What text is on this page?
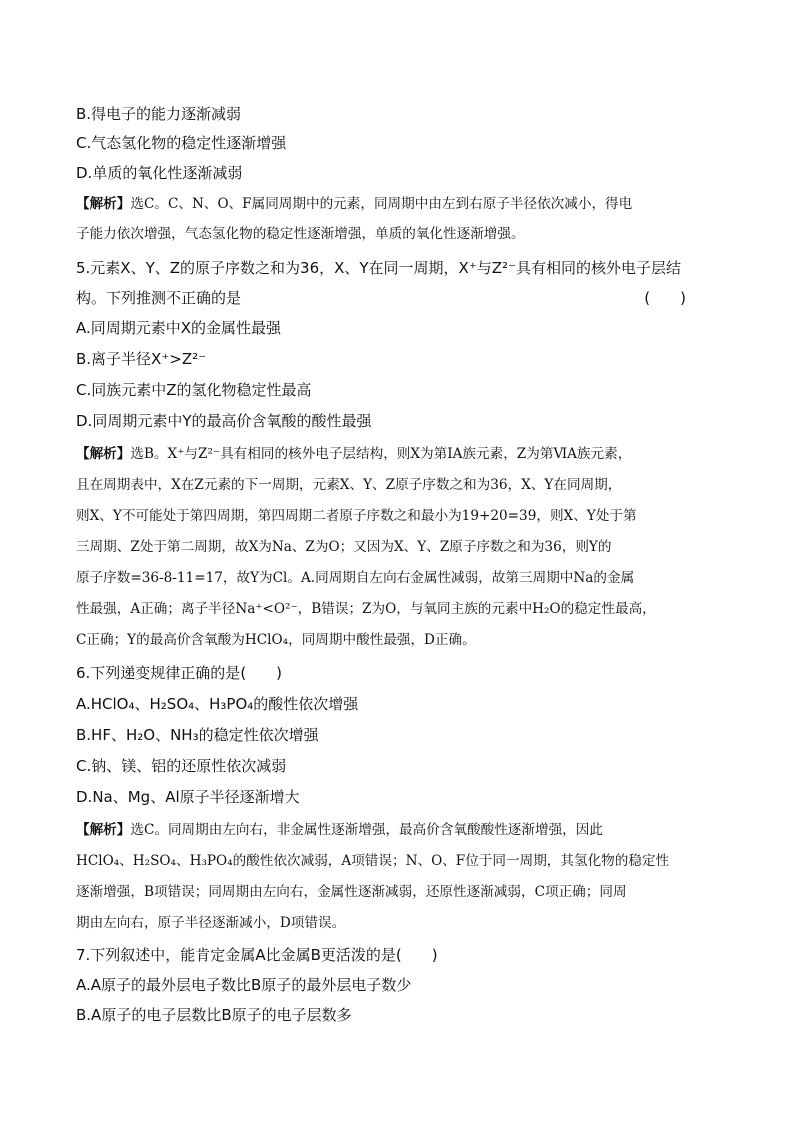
B.得电子的能力逐渐减弱
C.气态氢化物的稳定性逐渐增强
D.单质的氧化性逐渐减弱
【解析】选C。C、N、O、F属同周期中的元素，同周期中由左到右原子半径依次减小，得电
子能力依次增强，气态氢化物的稳定性逐渐增强，单质的氧化性逐渐增强。
5.元素X、Y、Z的原子序数之和为36，X、Y在同一周期，X⁺与Z²⁻具有相同的核外电子层结
构。下列推测不正确的是	(　　)
A.同周期元素中X的金属性最强
B.离子半径X⁺>Z²⁻
C.同族元素中Z的氢化物稳定性最高
D.同周期元素中Y的最高价含氧酸的酸性最强
【解析】选B。X⁺与Z²⁻具有相同的核外电子层结构，则X为第ⅠA族元素，Z为第ⅥA族元素，
且在周期表中，X在Z元素的下一周期，元素X、Y、Z原子序数之和为36，X、Y在同周期，
则X、Y不可能处于第四周期，第四周期二者原子序数之和最小为19+20=39，则X、Y处于第
三周期、Z处于第二周期，故X为Na、Z为O；又因为X、Y、Z原子序数之和为36，则Y的
原子序数=36-8-11=17，故Y为Cl。A.同周期自左向右金属性减弱，故第三周期中Na的金属
性最强，A正确；离子半径Na⁺<O²⁻，B错误；Z为O，与氧同主族的元素中H₂O的稳定性最高，
C正确；Y的最高价含氧酸为HClO₄，同周期中酸性最强，D正确。
6.下列递变规律正确的是(　　)
A.HClO₄、H₂SO₄、H₃PO₄的酸性依次增强
B.HF、H₂O、NH₃的稳定性依次增强
C.钠、镁、铝的还原性依次减弱
D.Na、Mg、Al原子半径逐渐增大
【解析】选C。同周期由左向右，非金属性逐渐增强，最高价含氧酸酸性逐渐增强，因此
HClO₄、H₂SO₄、H₃PO₄的酸性依次减弱，A项错误；N、O、F位于同一周期，其氢化物的稳定性
逐渐增强，B项错误；同周期由左向右，金属性逐渐减弱，还原性逐渐减弱，C项正确；同周
期由左向右，原子半径逐渐减小，D项错误。
7.下列叙述中，能肯定金属A比金属B更活泼的是(　　)
A.A原子的最外层电子数比B原子的最外层电子数少
B.A原子的电子层数比B原子的电子层数多
